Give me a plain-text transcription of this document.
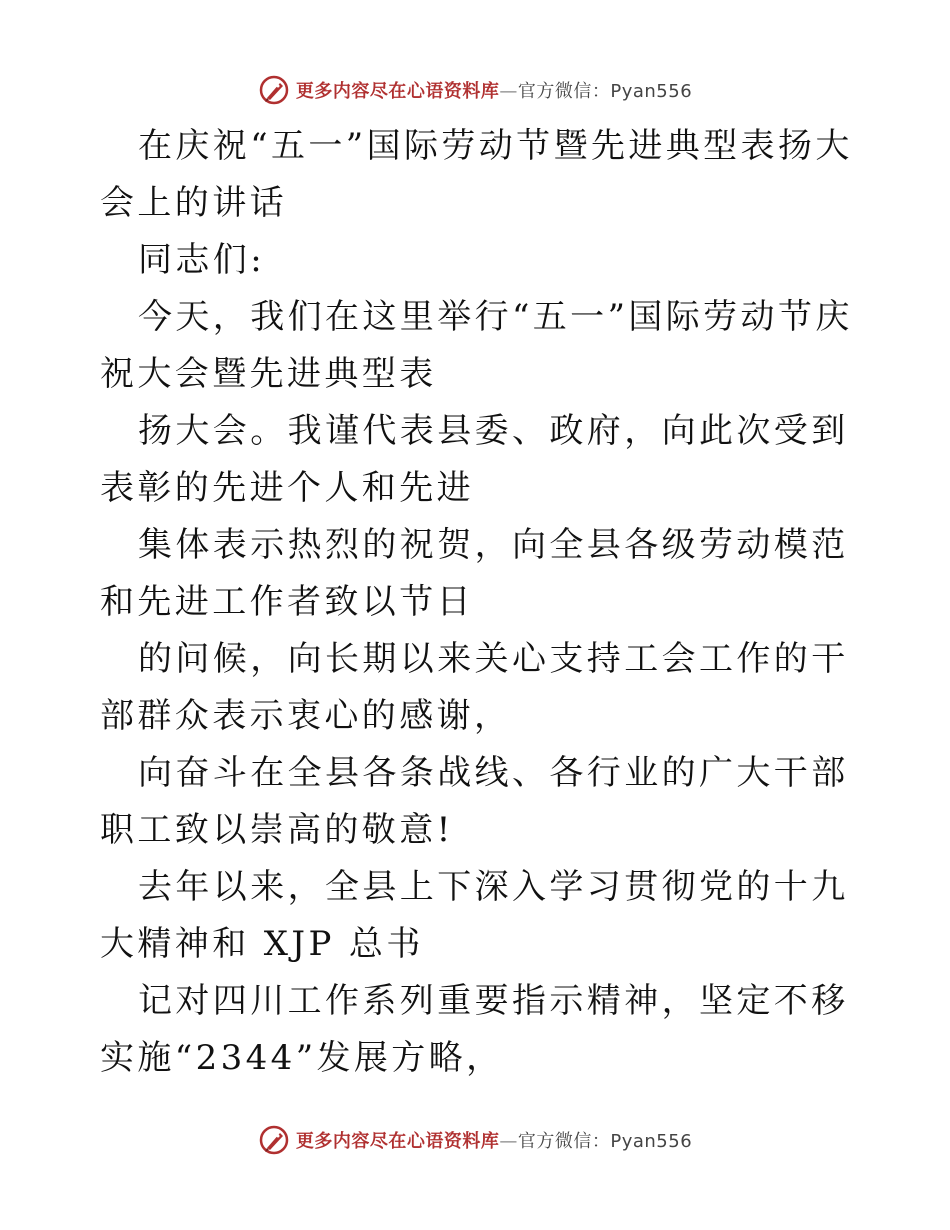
更多内容尽在心语资料库—官方微信：Pyan556

在庆祝“五一”国际劳动节暨先进典型表扬大会上的讲话

同志们:

今天，我们在这里举行“五一”国际劳动节庆祝大会暨先进典型表

扬大会。我谨代表县委、政府，向此次受到表彰的先进个人和先进

集体表示热烈的祝贺，向全县各级劳动模范和先进工作者致以节日

的问候，向长期以来关心支持工会工作的干部群众表示衷心的感谢，

向奋斗在全县各条战线、各行业的广大干部职工致以崇高的敬意!

去年以来，全县上下深入学习贯彻党的十九大精神和 XJP 总书

记对四川工作系列重要指示精神，坚定不移实施“2344”发展方略，

更多内容尽在心语资料库—官方微信：Pyan556
